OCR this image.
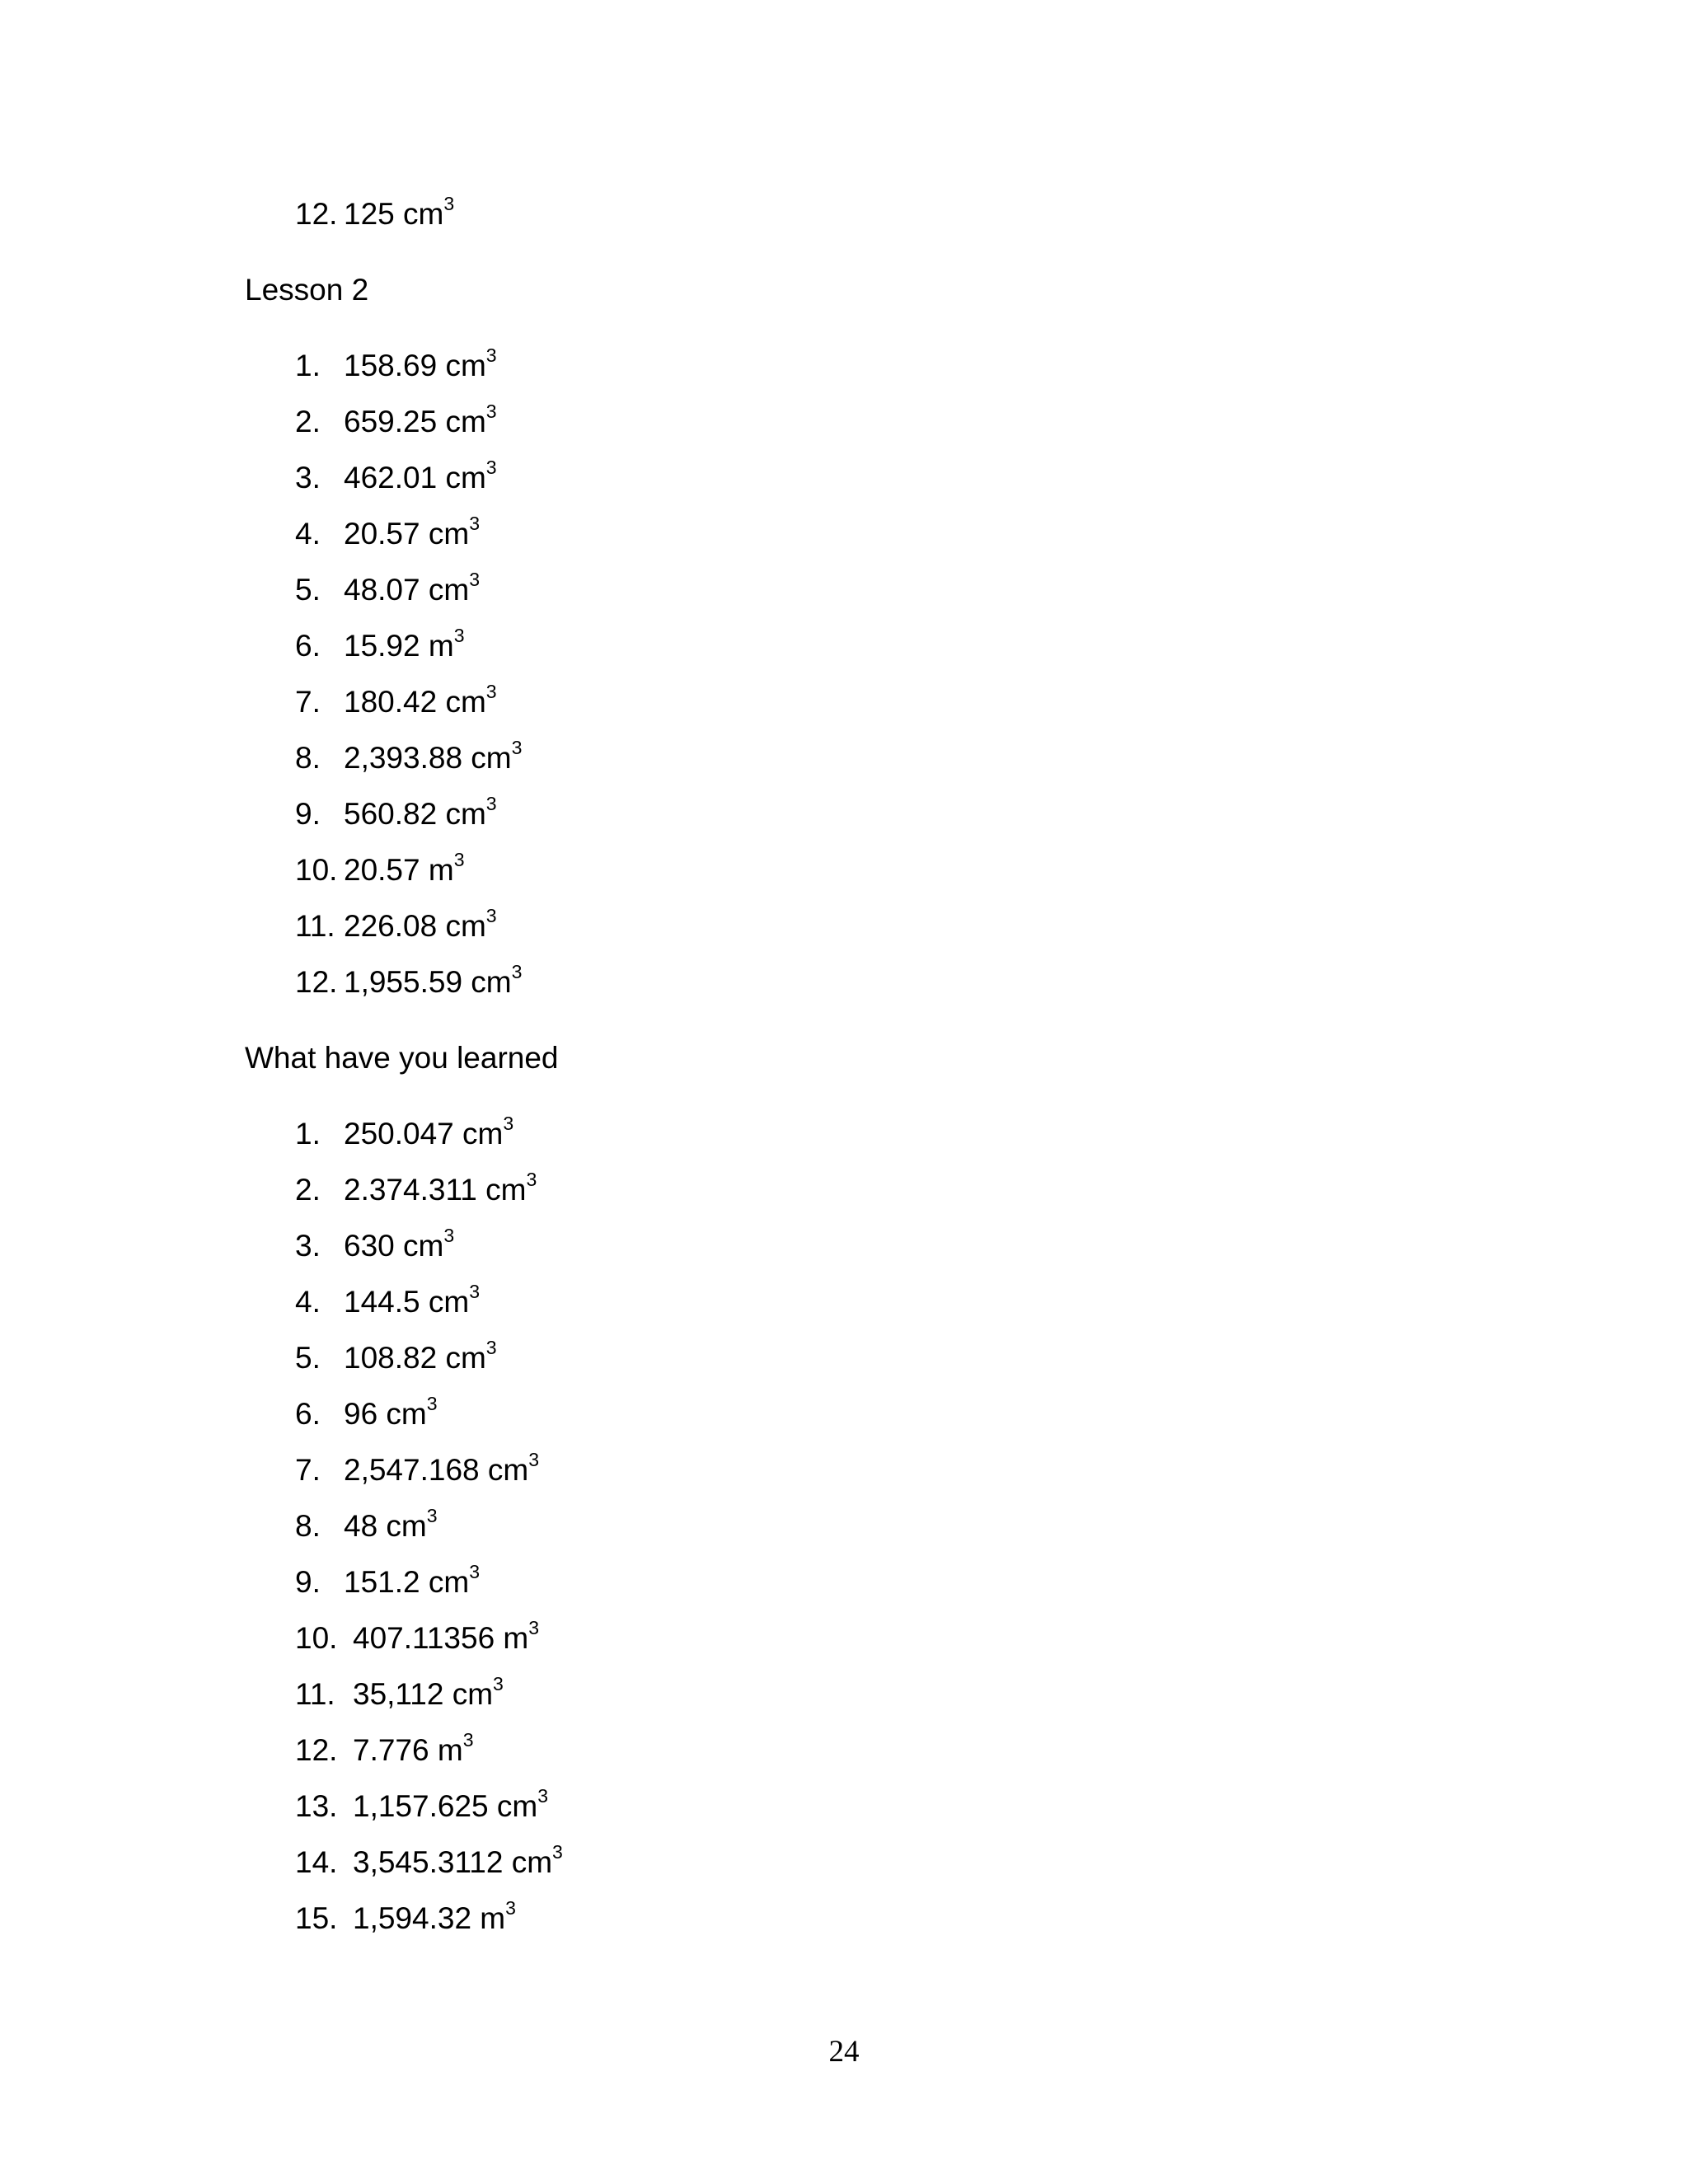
12. 125 $cm^3$
Lesson 2
1. 158.69 $cm^3$
2. 659.25 $cm^3$
3. 462.01 $cm^3$
4. 20.57 $cm^3$
5. 48.07 $cm^3$
6. 15.92 $m^3$
7. 180.42 $cm^3$
8. 2,393.88 $cm^3$
9. 560.82 $cm^3$
10. 20.57 $m^3$
11. 226.08 $cm^3$
12. 1,955.59 $cm^3$
What have you learned
1. 250.047 $cm^3$
2. 2.374.311 $cm^3$
3. 630 $cm^3$
4. 144.5 $cm^3$
5. 108.82 $cm^3$
6. 96 $cm^3$
7. 2,547.168 $cm^3$
8. 48 $cm^3$
9. 151.2 $cm^3$
10. 407.11356 $m^3$
11. 35,112 $cm^3$
12. 7.776 $m^3$
13. 1,157.625 $cm^3$
14. 3,545.3112 $cm^3$
15. 1,594.32 $m^3$
24
